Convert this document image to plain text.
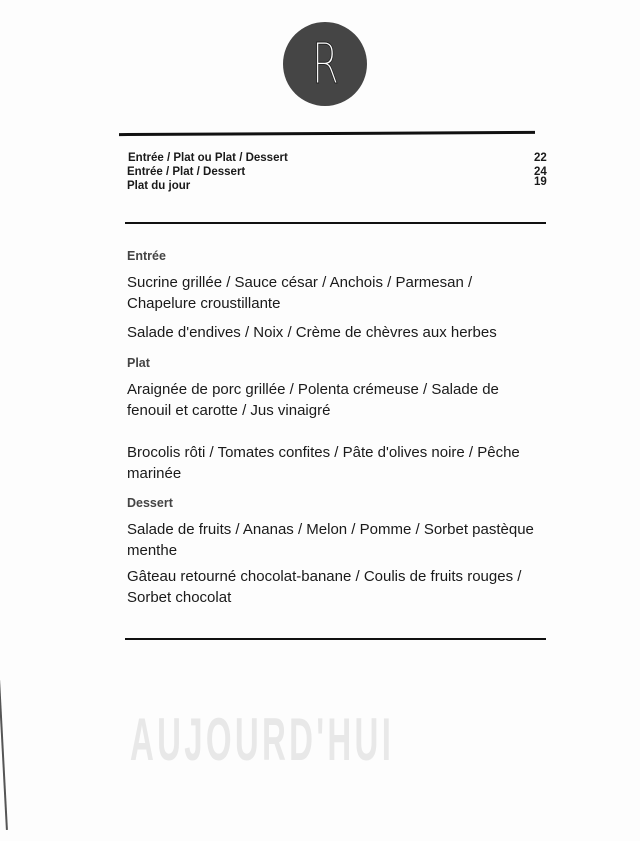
R
Entrée / Plat ou Plat / Dessert	22
Entrée / Plat / Dessert	24
Plat du jour	19
Entrée
Sucrine grillée / Sauce césar / Anchois / Parmesan / Chapelure croustillante
Salade d'endives / Noix / Crème de chèvres aux herbes
Plat
Araignée de porc grillée / Polenta crémeuse / Salade de fenouil et carotte / Jus vinaigré
Brocolis rôti / Tomates confites / Pâte d'olives noire / Pêche marinée
Dessert
Salade de fruits / Ananas / Melon / Pomme / Sorbet pastèque menthe
Gâteau retourné chocolat-banane / Coulis de fruits rouges / Sorbet chocolat
AUJOURD'HUI
